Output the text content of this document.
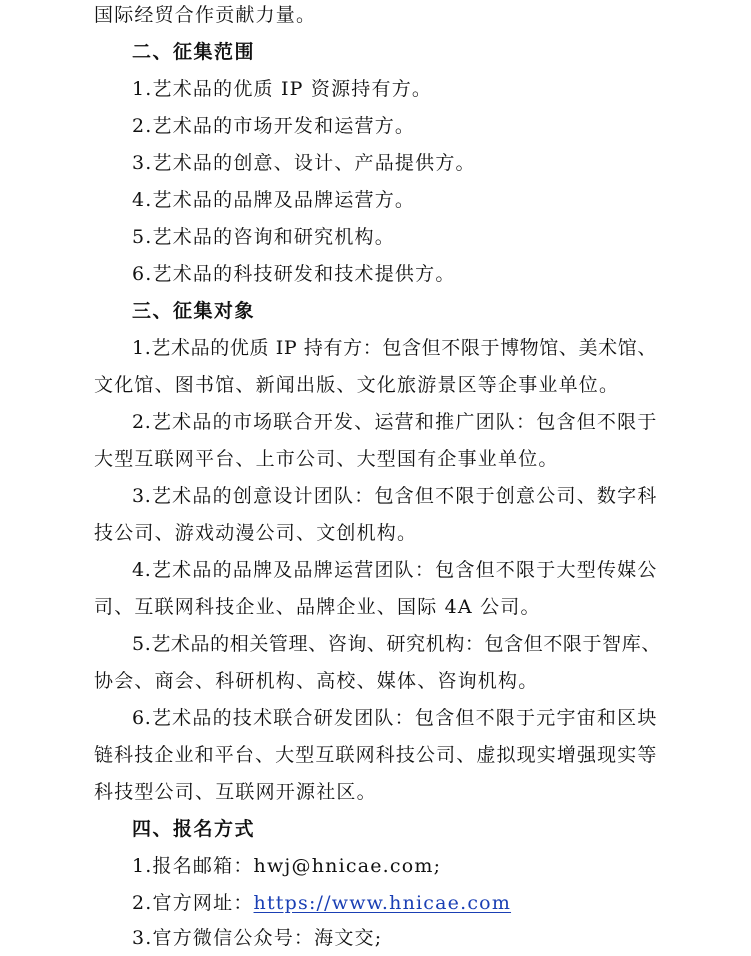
国际经贸合作贡献力量。
二、征集范围
1.艺术品的优质 IP 资源持有方。
2.艺术品的市场开发和运营方。
3.艺术品的创意、设计、产品提供方。
4.艺术品的品牌及品牌运营方。
5.艺术品的咨询和研究机构。
6.艺术品的科技研发和技术提供方。
三、征集对象
1.艺术品的优质 IP 持有方：包含但不限于博物馆、美术馆、
文化馆、图书馆、新闻出版、文化旅游景区等企事业单位。
2.艺术品的市场联合开发、运营和推广团队：包含但不限于
大型互联网平台、上市公司、大型国有企事业单位。
3.艺术品的创意设计团队：包含但不限于创意公司、数字科
技公司、游戏动漫公司、文创机构。
4.艺术品的品牌及品牌运营团队：包含但不限于大型传媒公
司、互联网科技企业、品牌企业、国际 4A 公司。
5.艺术品的相关管理、咨询、研究机构：包含但不限于智库、
协会、商会、科研机构、高校、媒体、咨询机构。
6.艺术品的技术联合研发团队：包含但不限于元宇宙和区块
链科技企业和平台、大型互联网科技公司、虚拟现实增强现实等
科技型公司、互联网开源社区。
四、报名方式
1.报名邮箱：hwj@hnicae.com;
2.官方网址：https://www.hnicae.com
3.官方微信公众号：海文交;
